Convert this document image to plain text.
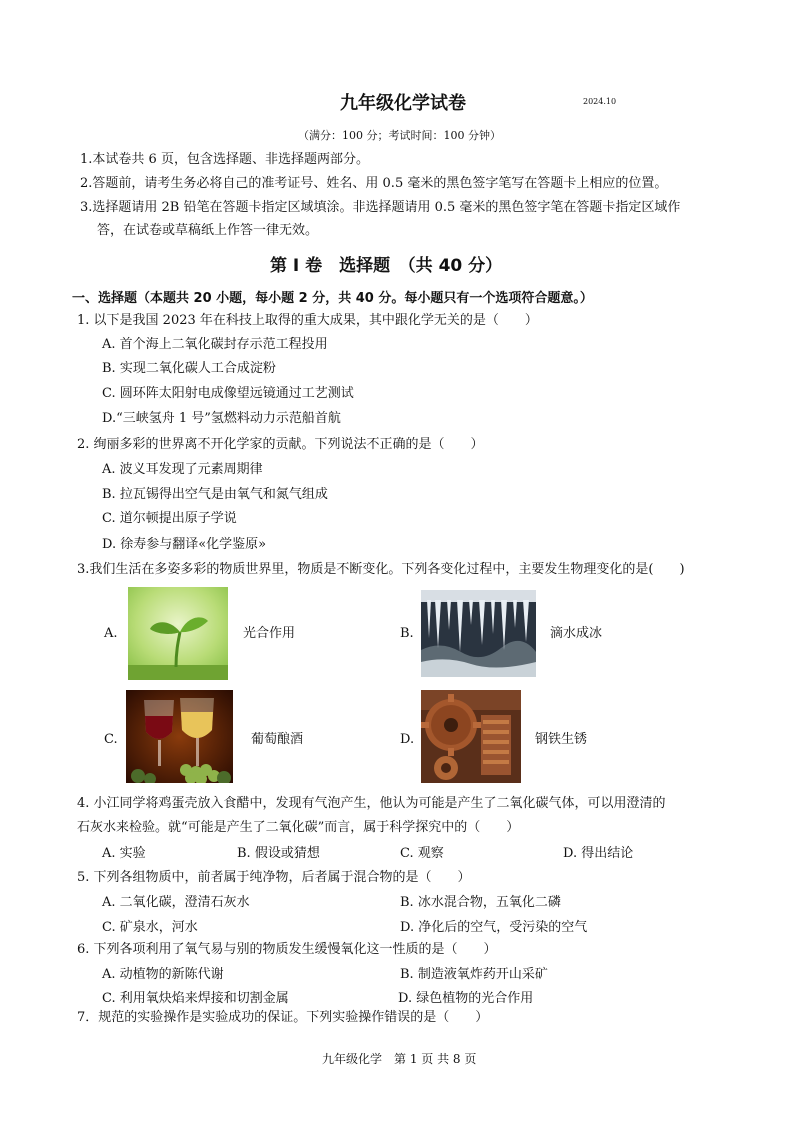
九年级化学试卷	2024.10
（满分：100 分；考试时间：100 分钟）
1.本试卷共 6 页，包含选择题、非选择题两部分。
2.答题前，请考生务必将自己的准考证号、姓名、用 0.5 毫米的黑色签字笔写在答题卡上相应的位置。
3.选择题请用 2B 铅笔在答题卡指定区域填涂。非选择题请用 0.5 毫米的黑色签字笔在答题卡指定区域作
答，在试卷或草稿纸上作答一律无效。
第 I 卷　选择题　（共 40 分）
一、选择题（本题共 20 小题，每小题 2 分，共 40 分。每小题只有一个选项符合题意。）
1. 以下是我国 2023 年在科技上取得的重大成果，其中跟化学无关的是（　　）
A. 首个海上二氧化碳封存示范工程投用
B. 实现二氧化碳人工合成淀粉
C. 圆环阵太阳射电成像望远镜通过工艺测试
D.“三峡氢舟 1 号”氢燃料动力示范船首航
2. 绚丽多彩的世界离不开化学家的贡献。下列说法不正确的是（　　）
A. 波义耳发现了元素周期律
B. 拉瓦锡得出空气是由氧气和氮气组成
C. 道尔顿提出原子学说
D. 徐寿参与翻译«化学鉴原»
3.我们生活在多姿多彩的物质世界里，物质是不断变化。下列各变化过程中，主要发生物理变化的是(　　)
A.	光合作用	B.	滴水成冰
C.	葡萄酿酒	D.	钢铁生锈
4. 小江同学将鸡蛋壳放入食醋中，发现有气泡产生，他认为可能是产生了二氧化碳气体，可以用澄清的
石灰水来检验。就“可能是产生了二氧化碳”而言，属于科学探究中的（　　）
A. 实验	B. 假设或猜想	C. 观察	D. 得出结论
5. 下列各组物质中，前者属于纯净物，后者属于混合物的是（　　）
A. 二氧化碳，澄清石灰水	B. 冰水混合物，五氧化二磷
C. 矿泉水，河水	D. 净化后的空气，受污染的空气
6. 下列各项利用了氧气易与别的物质发生缓慢氧化这一性质的是（　　）
A. 动植物的新陈代谢	B. 制造液氧炸药开山采矿
C. 利用氧炔焰来焊接和切割金属	D. 绿色植物的光合作用
7．规范的实验操作是实验成功的保证。下列实验操作错误的是（　　）
九年级化学　第 1 页 共 8 页
